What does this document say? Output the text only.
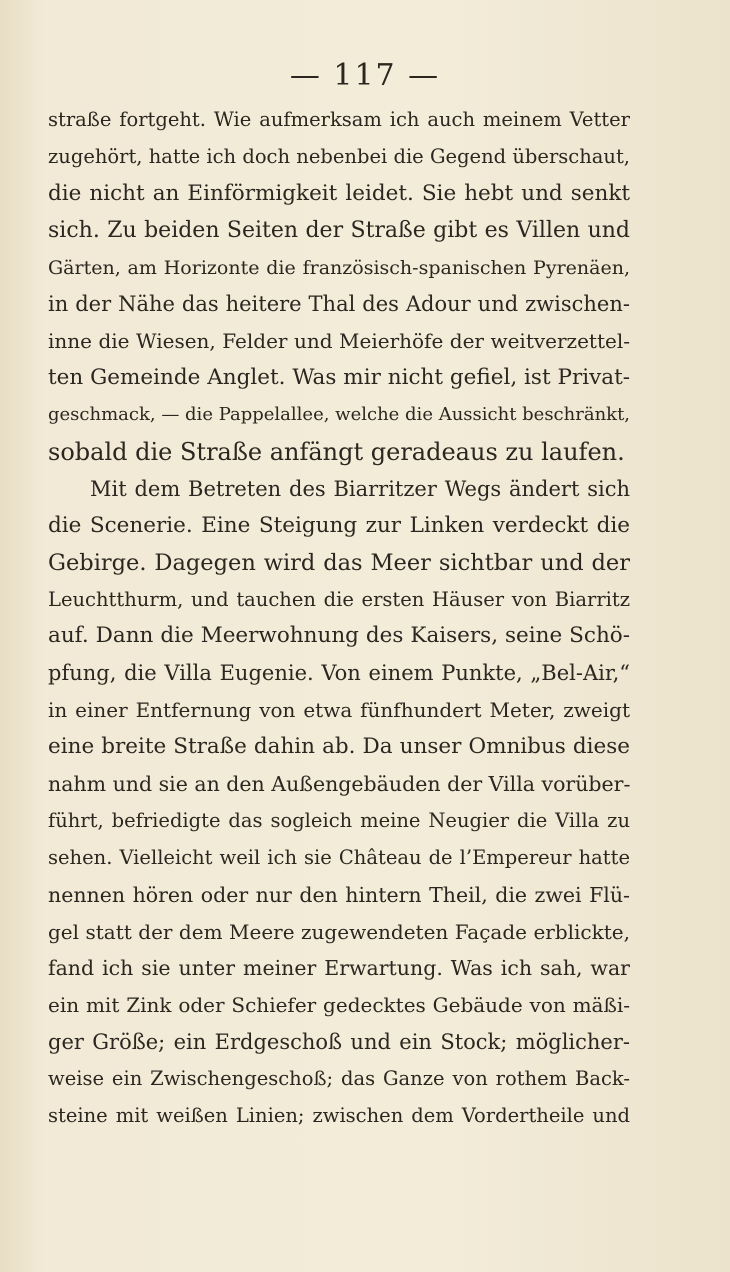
— 117 —
straße fortgeht. Wie aufmerksam ich auch meinem Vetter
zugehört, hatte ich doch nebenbei die Gegend überschaut,
die nicht an Einförmigkeit leidet. Sie hebt und senkt
sich. Zu beiden Seiten der Straße gibt es Villen und
Gärten, am Horizonte die französisch-spanischen Pyrenäen,
in der Nähe das heitere Thal des Adour und zwischen-
inne die Wiesen, Felder und Meierhöfe der weitverzettel-
ten Gemeinde Anglet. Was mir nicht gefiel, ist Privat-
geschmack, — die Pappelallee, welche die Aussicht beschränkt,
sobald die Straße anfängt geradeaus zu laufen.
Mit dem Betreten des Biarritzer Wegs ändert sich
die Scenerie. Eine Steigung zur Linken verdeckt die
Gebirge. Dagegen wird das Meer sichtbar und der
Leuchtthurm, und tauchen die ersten Häuser von Biarritz
auf. Dann die Meerwohnung des Kaisers, seine Schö-
pfung, die Villa Eugenie. Von einem Punkte, „Bel-Air,“
in einer Entfernung von etwa fünfhundert Meter, zweigt
eine breite Straße dahin ab. Da unser Omnibus diese
nahm und sie an den Außengebäuden der Villa vorüber-
führt, befriedigte das sogleich meine Neugier die Villa zu
sehen. Vielleicht weil ich sie Château de l’Empereur hatte
nennen hören oder nur den hintern Theil, die zwei Flü-
gel statt der dem Meere zugewendeten Façade erblickte,
fand ich sie unter meiner Erwartung. Was ich sah, war
ein mit Zink oder Schiefer gedecktes Gebäude von mäßi-
ger Größe; ein Erdgeschoß und ein Stock; möglicher-
weise ein Zwischengeschoß; das Ganze von rothem Back-
steine mit weißen Linien; zwischen dem Vordertheile und
